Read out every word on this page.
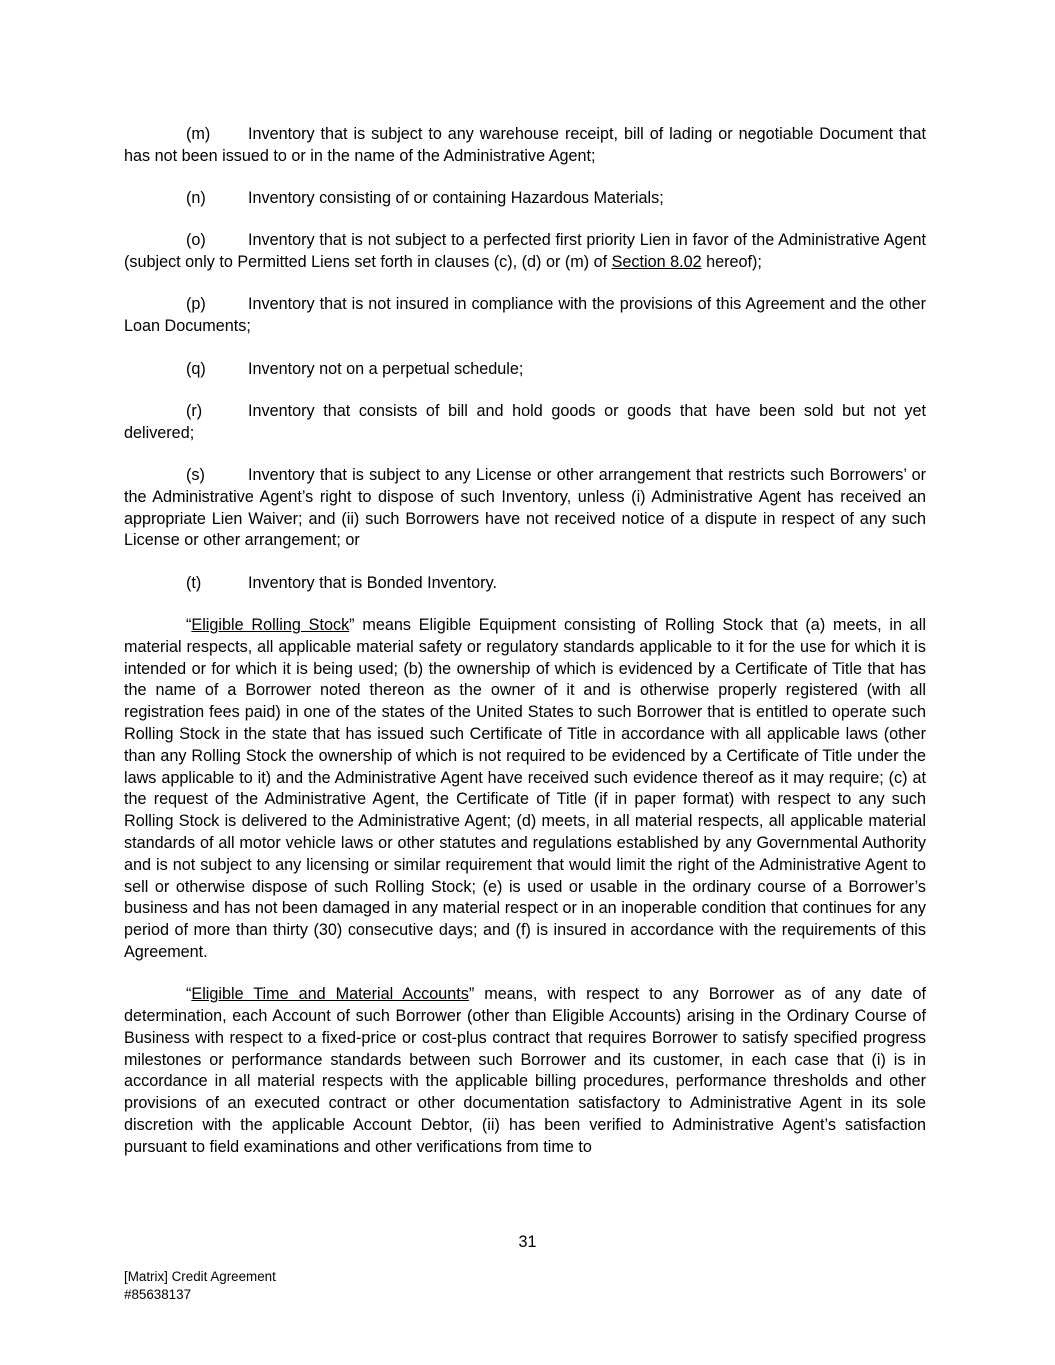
(m) Inventory that is subject to any warehouse receipt, bill of lading or negotiable Document that has not been issued to or in the name of the Administrative Agent;

(n)	Inventory consisting of or containing Hazardous Materials;

(o)	Inventory that is not subject to a perfected first priority Lien in favor of the Administrative Agent (subject only to Permitted Liens set forth in clauses (c), (d) or (m) of Section 8.02 hereof);

(p)	Inventory that is not insured in compliance with the provisions of this Agreement and the other Loan Documents;

(q)	Inventory not on a perpetual schedule;

(r)	Inventory that consists of bill and hold goods or goods that have been sold but not yet delivered;

(s)	Inventory that is subject to any License or other arrangement that restricts such Borrowers’ or the Administrative Agent’s right to dispose of such Inventory, unless (i) Administrative Agent has received an appropriate Lien Waiver; and (ii) such Borrowers have not received notice of a dispute in respect of any such License or other arrangement; or

(t)	Inventory that is Bonded Inventory.

“Eligible Rolling Stock” means Eligible Equipment consisting of Rolling Stock that (a) meets, in all material respects, all applicable material safety or regulatory standards applicable to it for the use for which it is intended or for which it is being used; (b) the ownership of which is evidenced by a Certificate of Title that has the name of a Borrower noted thereon as the owner of it and is otherwise properly registered (with all registration fees paid) in one of the states of the United States to such Borrower that is entitled to operate such Rolling Stock in the state that has issued such Certificate of Title in accordance with all applicable laws (other than any Rolling Stock the ownership of which is not required to be evidenced by a Certificate of Title under the laws applicable to it) and the Administrative Agent have received such evidence thereof as it may require; (c) at the request of the Administrative Agent, the Certificate of Title (if in paper format) with respect to any such Rolling Stock is delivered to the Administrative Agent; (d) meets, in all material respects, all applicable material standards of all motor vehicle laws or other statutes and regulations established by any Governmental Authority and is not subject to any licensing or similar requirement that would limit the right of the Administrative Agent to sell or otherwise dispose of such Rolling Stock; (e) is used or usable in the ordinary course of a Borrower’s business and has not been damaged in any material respect or in an inoperable condition that continues for any period of more than thirty (30) consecutive days; and (f) is insured in accordance with the requirements of this Agreement.

“Eligible Time and Material Accounts” means, with respect to any Borrower as of any date of determination, each Account of such Borrower (other than Eligible Accounts) arising in the Ordinary Course of Business with respect to a fixed-price or cost-plus contract that requires Borrower to satisfy specified progress milestones or performance standards between such Borrower and its customer, in each case that (i) is in accordance in all material respects with the applicable billing procedures, performance thresholds and other provisions of an executed contract or other documentation satisfactory to Administrative Agent in its sole discretion with the applicable Account Debtor, (ii) has been verified to Administrative Agent’s satisfaction pursuant to field examinations and other verifications from time to

31
[Matrix] Credit Agreement
#85638137
